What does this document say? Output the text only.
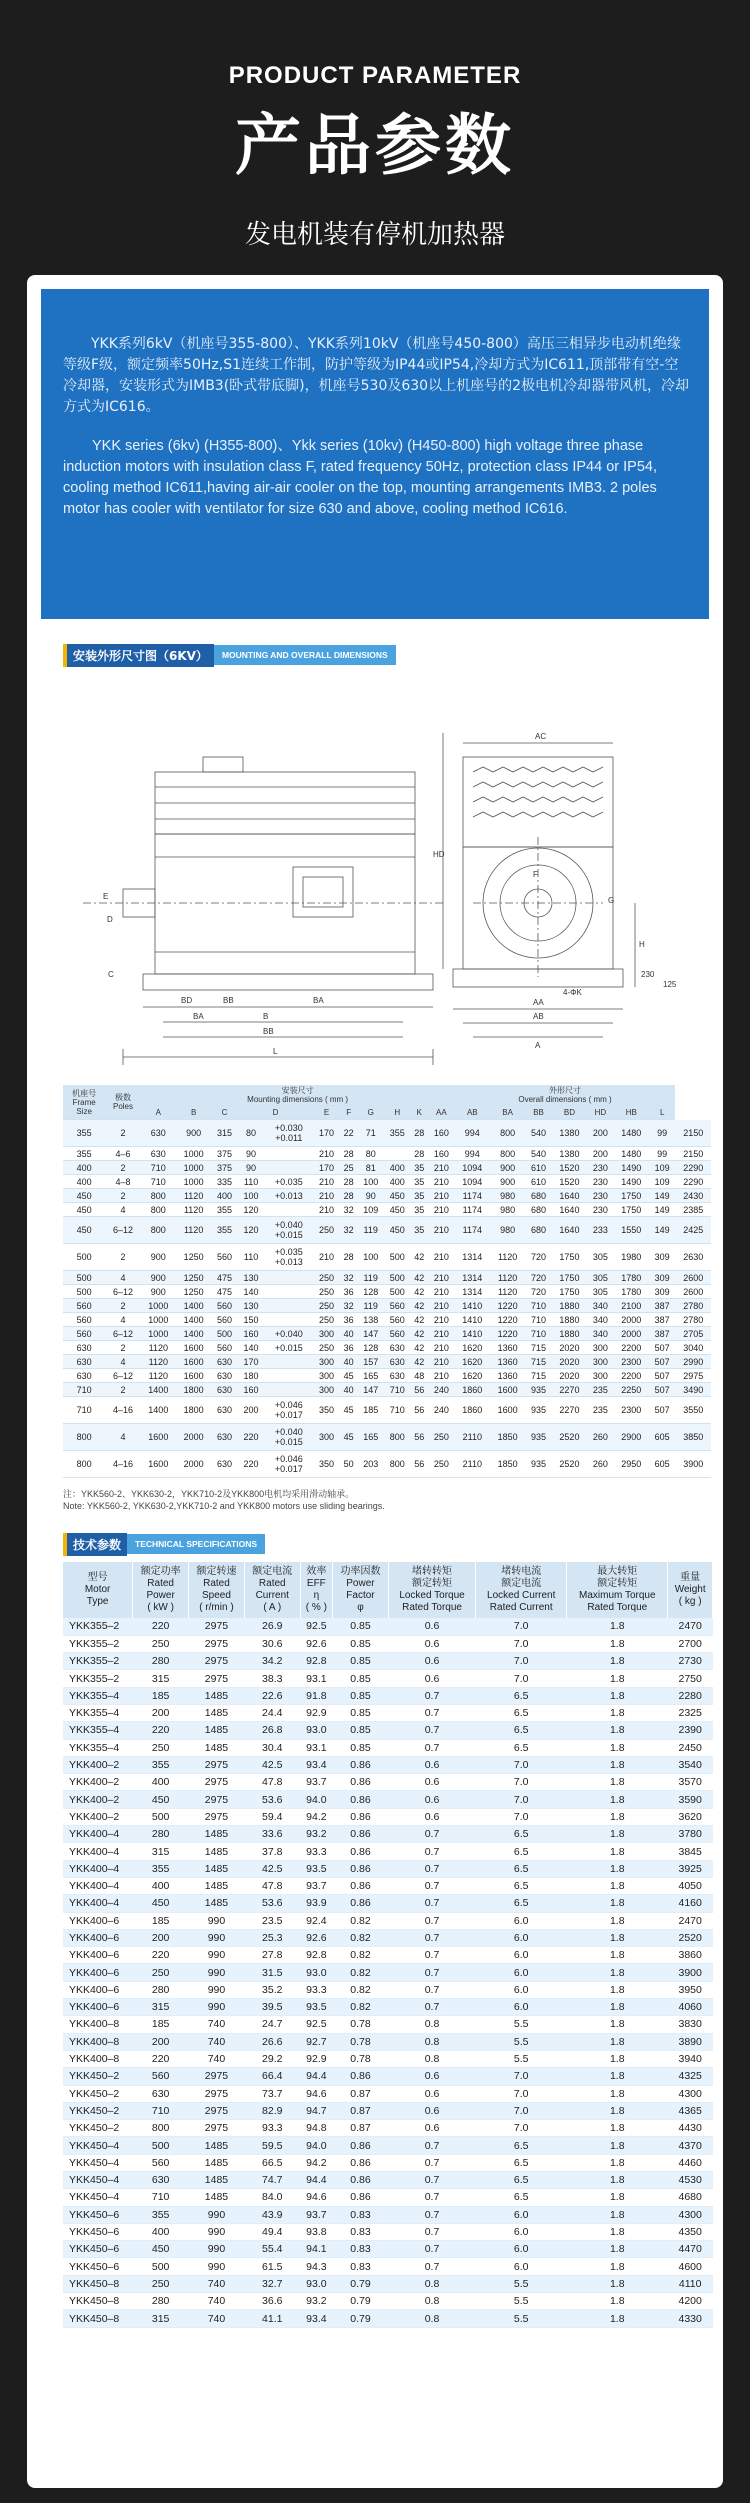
PRODUCT PARAMETER
产品参数
发电机装有停机加热器

YKK系列6kV（机座号355-800）、YKK系列10kV（机座号450-800）高压三相异步电动机绝缘等级F级，额定频率50Hz,S1连续工作制，防护等级为IP44或IP54,冷却方式为IC611,顶部带有空-空冷却器，安装形式为IMB3(卧式带底脚)，机座号530及630以上机座号的2极电机冷却器带风机，冷却方式为IC616。

YKK series (6kv) (H355-800)、Ykk series (10kv) (H450-800) high voltage three phase induction motors with insulation class F, rated frequency 50Hz, protection class IP44 or IP54, cooling method IC611,having air-air cooler on the top, mounting arrangements IMB3. 2 poles motor has cooler with ventilator for size 630 and above, cooling method IC616.

安装外形尺寸图（6KV）	MOUNTING AND OVERALL DIMENSIONS
BD	BA
BB
B
BB
BA
L
E
C
D
AC
HD
AA
AB
A
4-ΦK
H
230
125
G
F
机座号
Frame
Size	极数
Poles	安装尺寸
Mounting dimensions ( mm )											外形尺寸
Overall dimensions ( mm )							
		A	B	C	D		E	F	G	H	K	AA	AB	BA	BB	BD	HD	HB	L	
355	2	630	900	315	80	+0.030
+0.011	170	22	71	355	28	160	994	800	540	1380	200	1480	99	2150
355	4–6	630	1000	375	90		210	28	80		28	160	994	800	540	1380	200	1480	99	2150
400	2	710	1000	375	90		170	25	81	400	35	210	1094	900	610	1520	230	1490	109	2290
400	4–8	710	1000	335	110	+0.035	210	28	100	400	35	210	1094	900	610	1520	230	1490	109	2290
450	2	800	1120	400	100	+0.013	210	28	90	450	35	210	1174	980	680	1640	230	1750	149	2430
450	4	800	1120	355	120		210	32	109	450	35	210	1174	980	680	1640	230	1750	149	2385
450	6–12	800	1120	355	120	+0.040
+0.015	250	32	119	450	35	210	1174	980	680	1640	233	1550	149	2425
500	2	900	1250	560	110	+0.035
+0.013	210	28	100	500	42	210	1314	1120	720	1750	305	1980	309	2630
500	4	900	1250	475	130		250	32	119	500	42	210	1314	1120	720	1750	305	1780	309	2600
500	6–12	900	1250	475	140		250	36	128	500	42	210	1314	1120	720	1750	305	1780	309	2600
560	2	1000	1400	560	130		250	32	119	560	42	210	1410	1220	710	1880	340	2100	387	2780
560	4	1000	1400	560	150		250	36	138	560	42	210	1410	1220	710	1880	340	2000	387	2780
560	6–12	1000	1400	500	160	+0.040	300	40	147	560	42	210	1410	1220	710	1880	340	2000	387	2705
630	2	1120	1600	560	140	+0.015	250	36	128	630	42	210	1620	1360	715	2020	300	2200	507	3040
630	4	1120	1600	630	170		300	40	157	630	42	210	1620	1360	715	2020	300	2300	507	2990
630	6–12	1120	1600	630	180		300	45	165	630	48	210	1620	1360	715	2020	300	2200	507	2975
710	2	1400	1800	630	160		300	40	147	710	56	240	1860	1600	935	2270	235	2250	507	3490
710	4–16	1400	1800	630	200	+0.046
+0.017	350	45	185	710	56	240	1860	1600	935	2270	235	2300	507	3550
800	4	1600	2000	630	220	+0.040
+0.015	300	45	165	800	56	250	2110	1850	935	2520	260	2900	605	3850
800	4–16	1600	2000	630	220	+0.046
+0.017	350	50	203	800	56	250	2110	1850	935	2520	260	2950	605	3900
注：YKK560-2、YKK630-2，YKK710-2及YKK800电机均采用滑动轴承。
Note: YKK560-2, YKK630-2,YKK710-2 and YKK800 motors use sliding bearings.
技术参数	TECHNICAL SPECIFICATIONS
型号
Motor
Type	额定功率
Rated
Power
( kW )	额定转速
Rated
Speed
( r/min )	额定电流
Rated
Current
( A )	效率
EFF
η
( % )	功率因数
Power
Factor
φ	堵转转矩
额定转矩
Locked Torque
Rated Torque	堵转电流
额定电流
Locked Current
Rated Current	最大转矩
额定转矩
Maximum Torque
Rated Torque	重量
Weight
( kg )
YKK355–2	220	2975	26.9	92.5	0.85	0.6	7.0	1.8	2470
YKK355–2	250	2975	30.6	92.6	0.85	0.6	7.0	1.8	2700
YKK355–2	280	2975	34.2	92.8	0.85	0.6	7.0	1.8	2730
YKK355–2	315	2975	38.3	93.1	0.85	0.6	7.0	1.8	2750
YKK355–4	185	1485	22.6	91.8	0.85	0.7	6.5	1.8	2280
YKK355–4	200	1485	24.4	92.9	0.85	0.7	6.5	1.8	2325
YKK355–4	220	1485	26.8	93.0	0.85	0.7	6.5	1.8	2390
YKK355–4	250	1485	30.4	93.1	0.85	0.7	6.5	1.8	2450
YKK400–2	355	2975	42.5	93.4	0.86	0.6	7.0	1.8	3540
YKK400–2	400	2975	47.8	93.7	0.86	0.6	7.0	1.8	3570
YKK400–2	450	2975	53.6	94.0	0.86	0.6	7.0	1.8	3590
YKK400–2	500	2975	59.4	94.2	0.86	0.6	7.0	1.8	3620
YKK400–4	280	1485	33.6	93.2	0.86	0.7	6.5	1.8	3780
YKK400–4	315	1485	37.8	93.3	0.86	0.7	6.5	1.8	3845
YKK400–4	355	1485	42.5	93.5	0.86	0.7	6.5	1.8	3925
YKK400–4	400	1485	47.8	93.7	0.86	0.7	6.5	1.8	4050
YKK400–4	450	1485	53.6	93.9	0.86	0.7	6.5	1.8	4160
YKK400–6	185	990	23.5	92.4	0.82	0.7	6.0	1.8	2470
YKK400–6	200	990	25.3	92.6	0.82	0.7	6.0	1.8	2520
YKK400–6	220	990	27.8	92.8	0.82	0.7	6.0	1.8	3860
YKK400–6	250	990	31.5	93.0	0.82	0.7	6.0	1.8	3900
YKK400–6	280	990	35.2	93.3	0.82	0.7	6.0	1.8	3950
YKK400–6	315	990	39.5	93.5	0.82	0.7	6.0	1.8	4060
YKK400–8	185	740	24.7	92.5	0.78	0.8	5.5	1.8	3830
YKK400–8	200	740	26.6	92.7	0.78	0.8	5.5	1.8	3890
YKK400–8	220	740	29.2	92.9	0.78	0.8	5.5	1.8	3940
YKK450–2	560	2975	66.4	94.4	0.86	0.6	7.0	1.8	4325
YKK450–2	630	2975	73.7	94.6	0.87	0.6	7.0	1.8	4300
YKK450–2	710	2975	82.9	94.7	0.87	0.6	7.0	1.8	4365
YKK450–2	800	2975	93.3	94.8	0.87	0.6	7.0	1.8	4430
YKK450–4	500	1485	59.5	94.0	0.86	0.7	6.5	1.8	4370
YKK450–4	560	1485	66.5	94.2	0.86	0.7	6.5	1.8	4460
YKK450–4	630	1485	74.7	94.4	0.86	0.7	6.5	1.8	4530
YKK450–4	710	1485	84.0	94.6	0.86	0.7	6.5	1.8	4680
YKK450–6	355	990	43.9	93.7	0.83	0.7	6.0	1.8	4300
YKK450–6	400	990	49.4	93.8	0.83	0.7	6.0	1.8	4350
YKK450–6	450	990	55.4	94.1	0.83	0.7	6.0	1.8	4470
YKK450–6	500	990	61.5	94.3	0.83	0.7	6.0	1.8	4600
YKK450–8	250	740	32.7	93.0	0.79	0.8	5.5	1.8	4110
YKK450–8	280	740	36.6	93.2	0.79	0.8	5.5	1.8	4200
YKK450–8	315	740	41.1	93.4	0.79	0.8	5.5	1.8	4330
